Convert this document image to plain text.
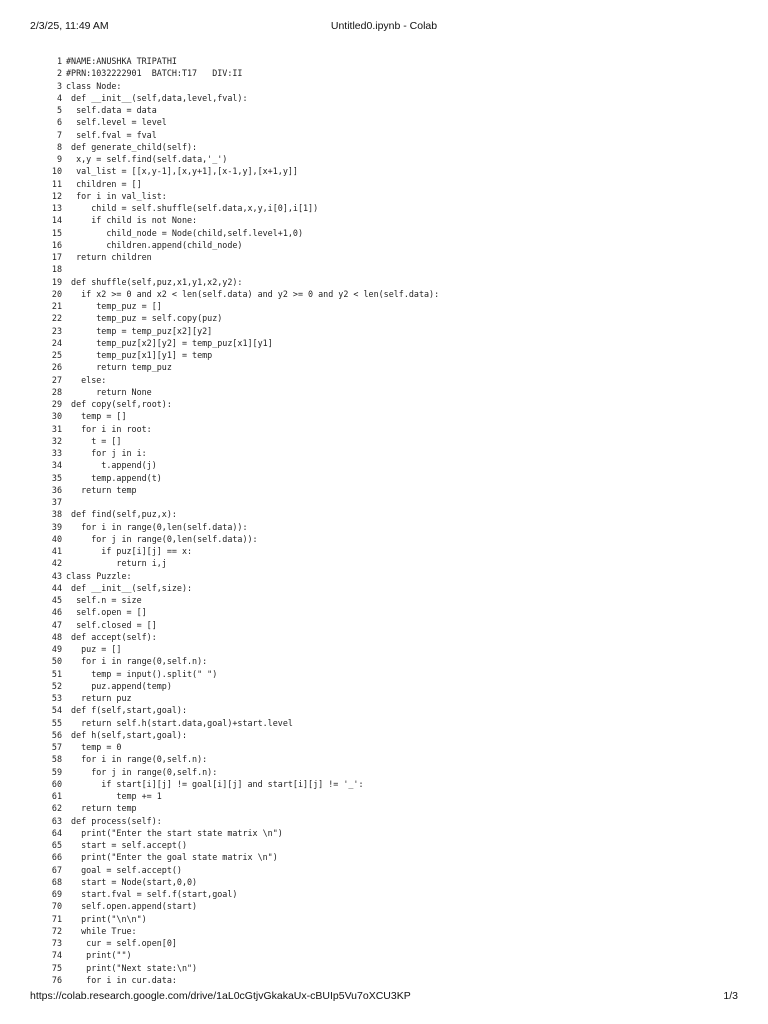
2/3/25, 11:49 AM	Untitled0.ipynb - Colab
1 #NAME:ANUSHKA TRIPATHI
2 #PRN:1032222901  BATCH:T17   DIV:II
3 class Node:
4 def __init__(self,data,level,fval):
5 self.data = data
6 self.level = level
7 self.fval = fval
8 def generate_child(self):
9 x,y = self.find(self.data,'_')
10 val_list = [[x,y-1],[x,y+1],[x-1,y],[x+1,y]]
11 children = []
12 for i in val_list:
13 child = self.shuffle(self.data,x,y,i[0],i[1])
14 if child is not None:
15 child_node = Node(child,self.level+1,0)
16 children.append(child_node)
17 return children
18
19 def shuffle(self,puz,x1,y1,x2,y2):
20 if x2 >= 0 and x2 < len(self.data) and y2 >= 0 and y2 < len(self.data):
21 temp_puz = []
22 temp_puz = self.copy(puz)
23 temp = temp_puz[x2][y2]
24 temp_puz[x2][y2] = temp_puz[x1][y1]
25 temp_puz[x1][y1] = temp
26 return temp_puz
27 else:
28 return None
29 def copy(self,root):
30 temp = []
31 for i in root:
32 t = []
33 for j in i:
34 t.append(j)
35 temp.append(t)
36 return temp
37
38 def find(self,puz,x):
39 for i in range(0,len(self.data)):
40 for j in range(0,len(self.data)):
41 if puz[i][j] == x:
42 return i,j
43 class Puzzle:
44 def __init__(self,size):
45 self.n = size
46 self.open = []
47 self.closed = []
48 def accept(self):
49 puz = []
50 for i in range(0,self.n):
51 temp = input().split(" ")
52 puz.append(temp)
53 return puz
54 def f(self,start,goal):
55 return self.h(start.data,goal)+start.level
56 def h(self,start,goal):
57 temp = 0
58 for i in range(0,self.n):
59 for j in range(0,self.n):
60 if start[i][j] != goal[i][j] and start[i][j] != '_':
61 temp += 1
62 return temp
63 def process(self):
64 print("Enter the start state matrix \n")
65 start = self.accept()
66 print("Enter the goal state matrix \n")
67 goal = self.accept()
68 start = Node(start,0,0)
69 start.fval = self.f(start,goal)
70 self.open.append(start)
71 print("\n\n")
72 while True:
73 cur = self.open[0]
74 print("")
75 print("Next state:\n")
76 for i in cur.data:
https://colab.research.google.com/drive/1aL0cGtjvGkakaUx-cBUIp5Vu7oXCU3KP	1/3
